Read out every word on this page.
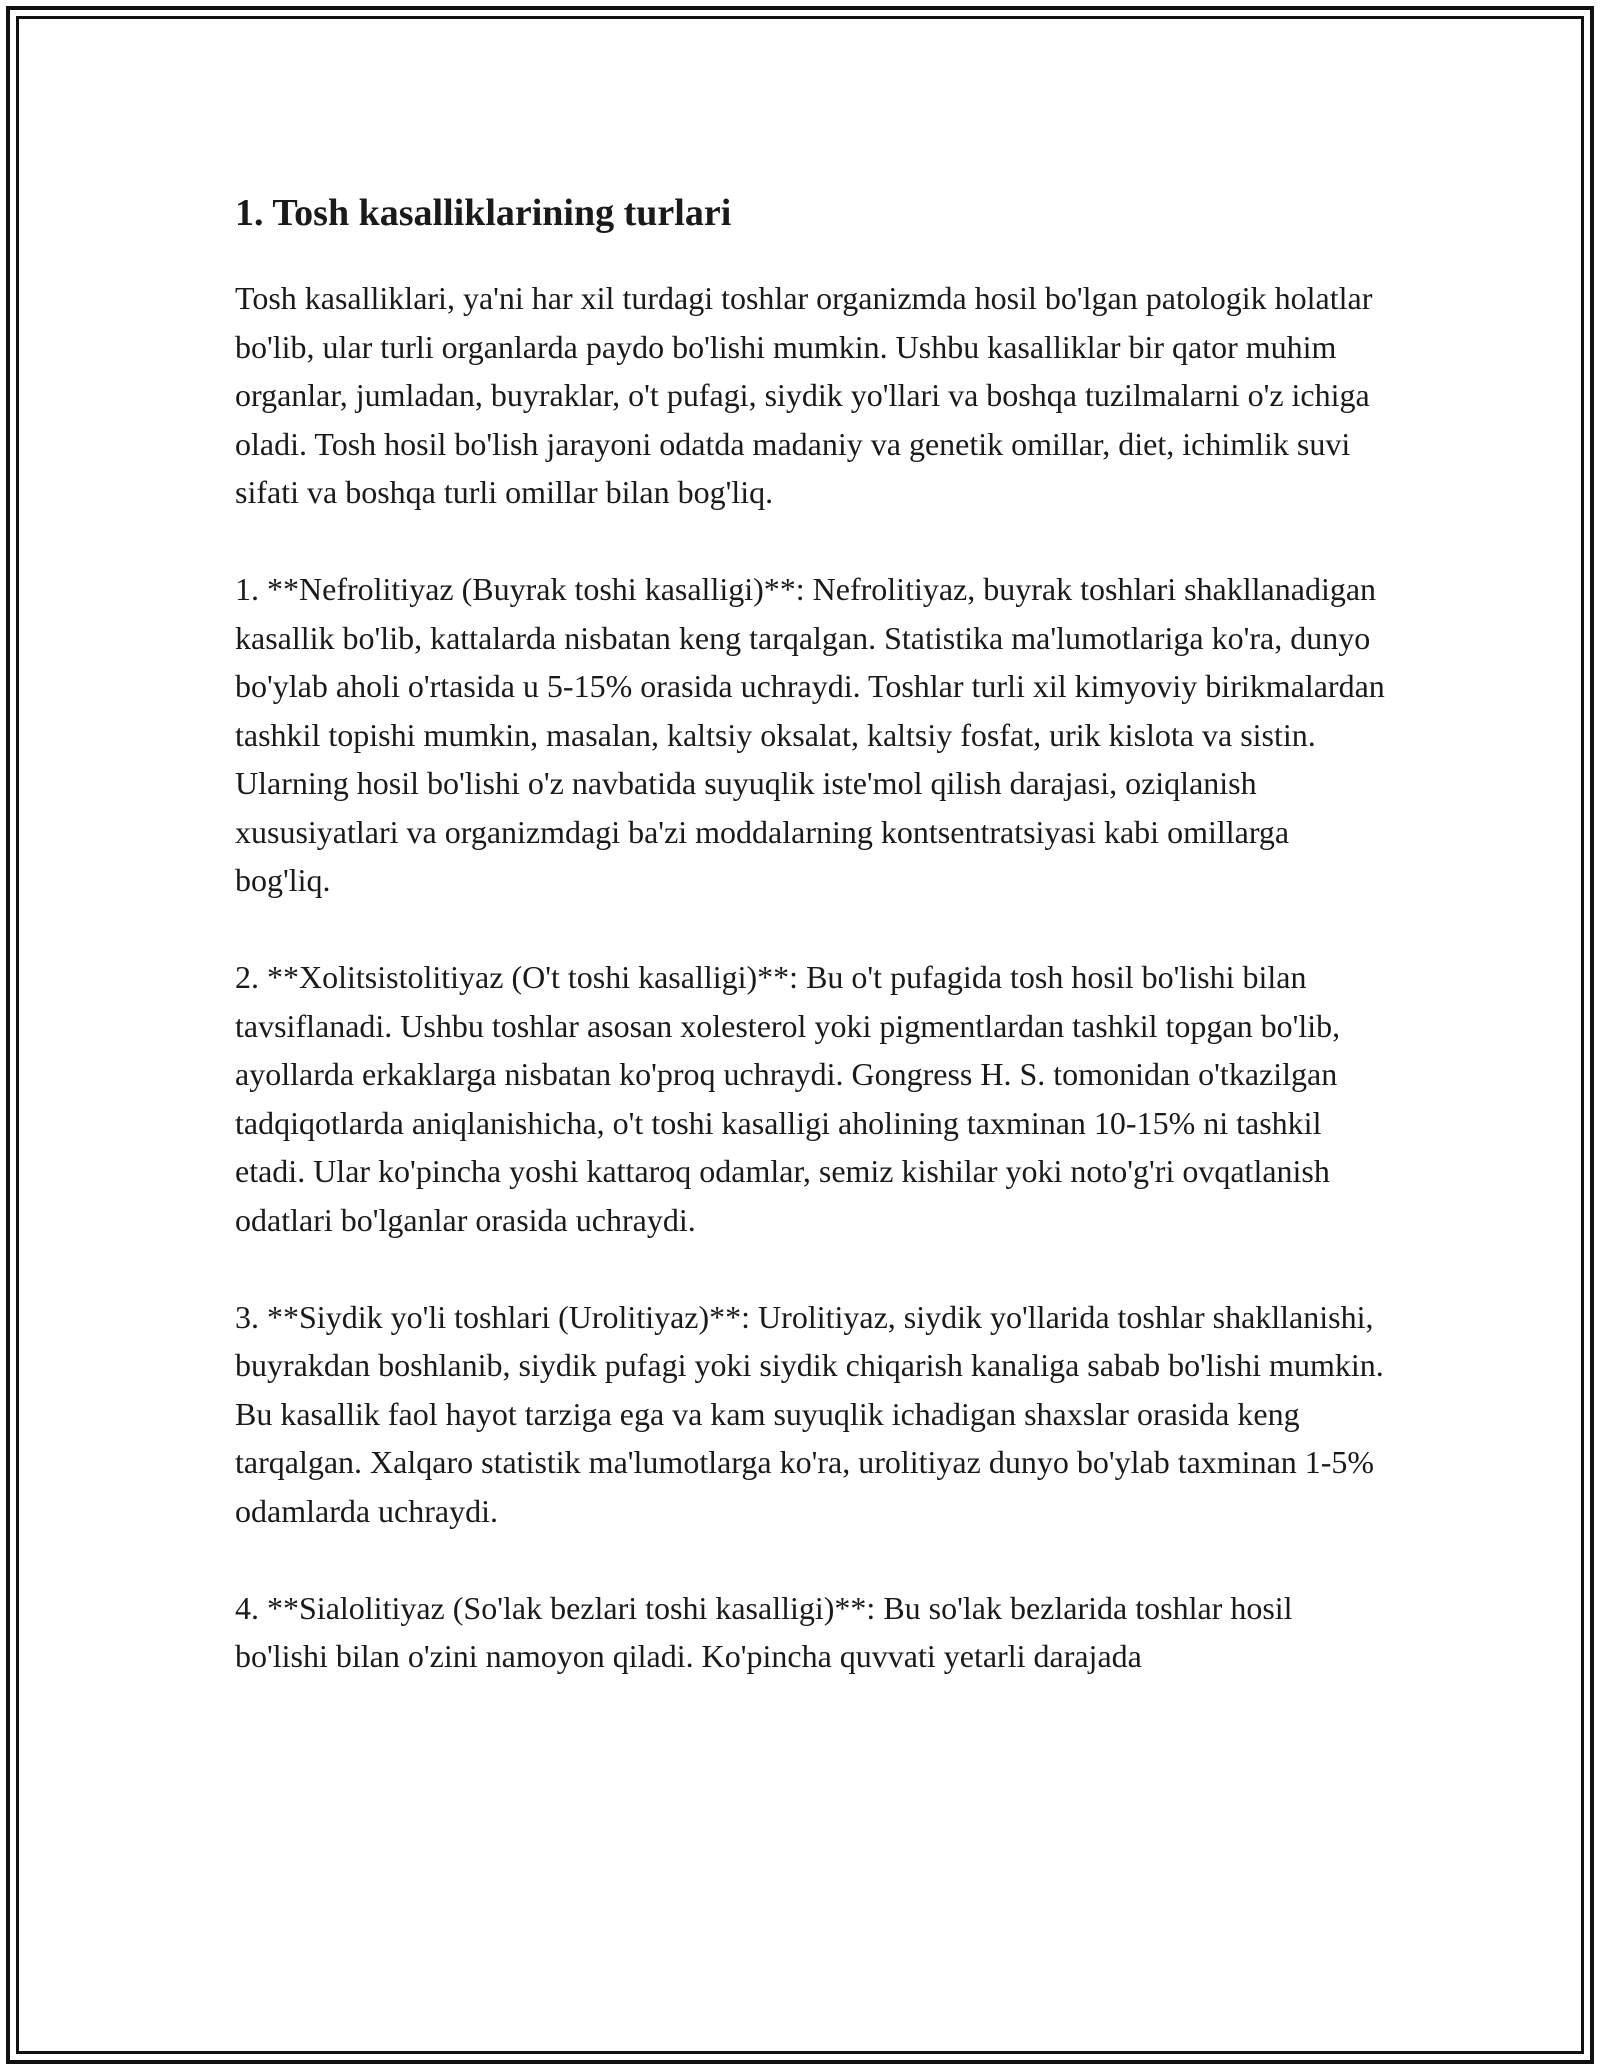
1. Tosh kasalliklarining turlari

Tosh kasalliklari, ya'ni har xil turdagi toshlar organizmda hosil bo'lgan patologik holatlar bo'lib, ular turli organlarda paydo bo'lishi mumkin. Ushbu kasalliklar bir qator muhim organlar, jumladan, buyraklar, o't pufagi, siydik yo'llari va boshqa tuzilmalarni o'z ichiga oladi. Tosh hosil bo'lish jarayoni odatda madaniy va genetik omillar, diet, ichimlik suvi sifati va boshqa turli omillar bilan bog'liq.

1. **Nefrolitiyaz (Buyrak toshi kasalligi)**: Nefrolitiyaz, buyrak toshlari shakllanadigan kasallik bo'lib, kattalarda nisbatan keng tarqalgan. Statistika ma'lumotlariga ko'ra, dunyo bo'ylab aholi o'rtasida u 5-15% orasida uchraydi. Toshlar turli xil kimyoviy birikmalardan tashkil topishi mumkin, masalan, kaltsiy oksalat, kaltsiy fosfat, urik kislota va sistin. Ularning hosil bo'lishi o'z navbatida suyuqlik iste'mol qilish darajasi, oziqlanish xususiyatlari va organizmdagi ba'zi moddalarning kontsentratsiyasi kabi omillarga bog'liq.

2. **Xolitsistolitiyaz (O't toshi kasalligi)**: Bu o't pufagida tosh hosil bo'lishi bilan tavsiflanadi. Ushbu toshlar asosan xolesterol yoki pigmentlardan tashkil topgan bo'lib, ayollarda erkaklarga nisbatan ko'proq uchraydi. Gongress H. S. tomonidan o'tkazilgan tadqiqotlarda aniqlanishicha, o't toshi kasalligi aholining taxminan 10-15% ni tashkil etadi. Ular ko'pincha yoshi kattaroq odamlar, semiz kishilar yoki noto'g'ri ovqatlanish odatlari bo'lganlar orasida uchraydi.

3. **Siydik yo'li toshlari (Urolitiyaz)**: Urolitiyaz, siydik yo'llarida toshlar shakllanishi, buyrakdan boshlanib, siydik pufagi yoki siydik chiqarish kanaliga sabab bo'lishi mumkin. Bu kasallik faol hayot tarziga ega va kam suyuqlik ichadigan shaxslar orasida keng tarqalgan. Xalqaro statistik ma'lumotlarga ko'ra, urolitiyaz dunyo bo'ylab taxminan 1-5% odamlarda uchraydi.

4. **Sialolitiyaz (So'lak bezlari toshi kasalligi)**: Bu so'lak bezlarida toshlar hosil bo'lishi bilan o'zini namoyon qiladi. Ko'pincha quvvati yetarli darajada
